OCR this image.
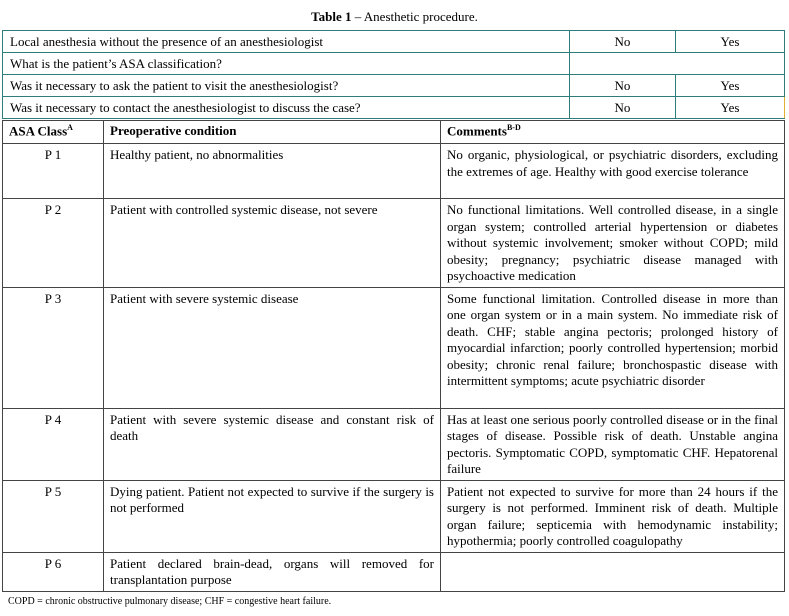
Table 1 – Anesthetic procedure.
Local anesthesia without the presence of an anesthesiologist	No	Yes
What is the patient’s ASA classification?		
Was it necessary to ask the patient to visit the anesthesiologist?	No	Yes
Was it necessary to contact the anesthesiologist to discuss the case?	No	Yes
ASA Class$^A$	Preoperative condition	Comments$^{B-D}$
P 1	Healthy patient, no abnormalities	No organic, physiological, or psychiatric disorders, excluding the extremes of age. Healthy with good exercise tolerance
P 2	Patient with controlled systemic disease, not severe	No functional limitations. Well controlled disease, in a single organ system; controlled arterial hypertension or diabetes without systemic involvement; smoker without COPD; mild obesity; pregnancy; psychiatric disease managed with psychoactive medication
P 3	Patient with severe systemic disease	Some functional limitation. Controlled disease in more than one organ system or in a main system. No immediate risk of death. CHF; stable angina pectoris; prolonged history of myocardial infarction; poorly controlled hypertension; morbid obesity; chronic renal failure; bronchospastic disease with intermittent symptoms; acute psychiatric disorder
P 4	Patient with severe systemic disease and constant risk of death	Has at least one serious poorly controlled disease or in the final stages of disease. Possible risk of death. Unstable angina pectoris. Symptomatic COPD, symptomatic CHF. Hepatorenal failure
P 5	Dying patient. Patient not expected to survive if the surgery is not performed	Patient not expected to survive for more than 24 hours if the surgery is not performed. Imminent risk of death. Multiple organ failure; septicemia with hemodynamic instability; hypothermia; poorly controlled coagulopathy
P 6	Patient declared brain-dead, organs will removed for transplantation purpose	
COPD = chronic obstructive pulmonary disease; CHF = congestive heart failure.
